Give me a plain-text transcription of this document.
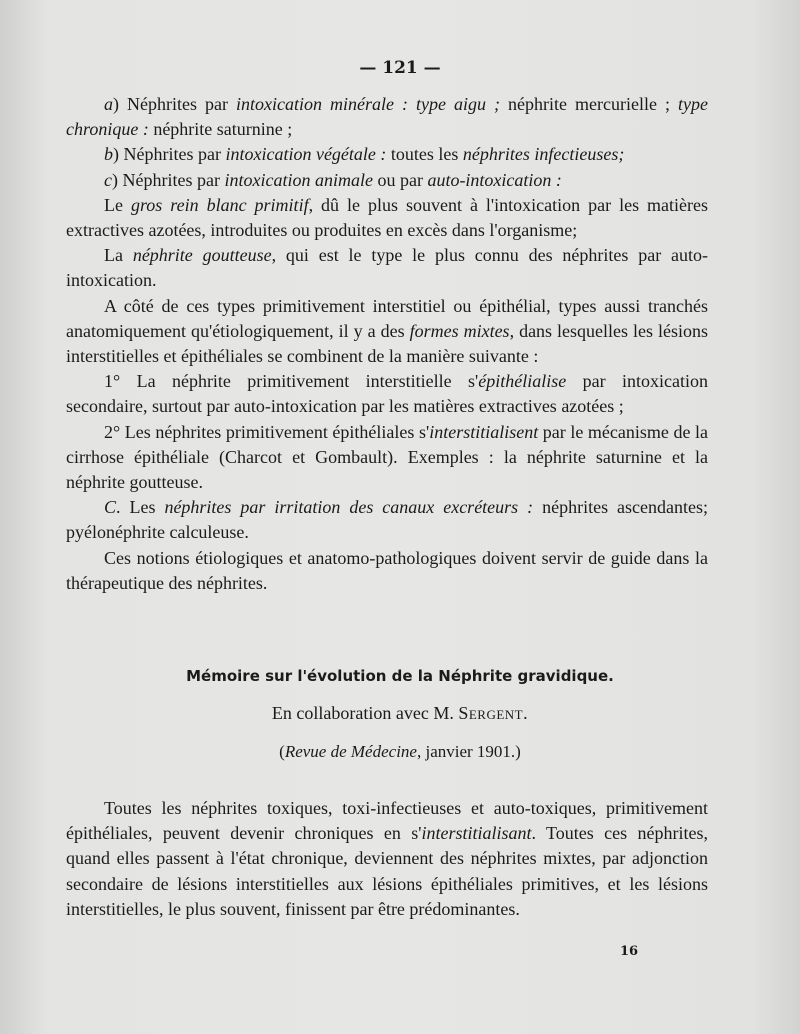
— 121 —

a) Néphrites par intoxication minérale : type aigu ; néphrite mercurielle ; type chronique : néphrite saturnine ;

b) Néphrites par intoxication végétale : toutes les néphrites infectieuses;

c) Néphrites par intoxication animale ou par auto-intoxication :

Le gros rein blanc primitif, dû le plus souvent à l'intoxication par les matières extractives azotées, introduites ou produites en excès dans l'organisme;

La néphrite goutteuse, qui est le type le plus connu des néphrites par auto-intoxication.

A côté de ces types primitivement interstitiel ou épithélial, types aussi tranchés anatomiquement qu'étiologiquement, il y a des formes mixtes, dans lesquelles les lésions interstitielles et épithéliales se combinent de la manière suivante :

1° La néphrite primitivement interstitielle s'épithélialise par intoxication secondaire, surtout par auto-intoxication par les matières extractives azotées ;

2° Les néphrites primitivement épithéliales s'interstitialisent par le mécanisme de la cirrhose épithéliale (Charcot et Gombault). Exemples : la néphrite saturnine et la néphrite goutteuse.

C. Les néphrites par irritation des canaux excréteurs : néphrites ascendantes; pyélonéphrite calculeuse.

Ces notions étiologiques et anatomo-pathologiques doivent servir de guide dans la thérapeutique des néphrites.

Mémoire sur l'évolution de la Néphrite gravidique.
En collaboration avec M. Sergent.
(Revue de Médecine, janvier 1901.)

Toutes les néphrites toxiques, toxi-infectieuses et auto-toxiques, primitivement épithéliales, peuvent devenir chroniques en s'interstitialisant. Toutes ces néphrites, quand elles passent à l'état chronique, deviennent des néphrites mixtes, par adjonction secondaire de lésions interstitielles aux lésions épithéliales primitives, et les lésions interstitielles, le plus souvent, finissent par être prédominantes.

16
